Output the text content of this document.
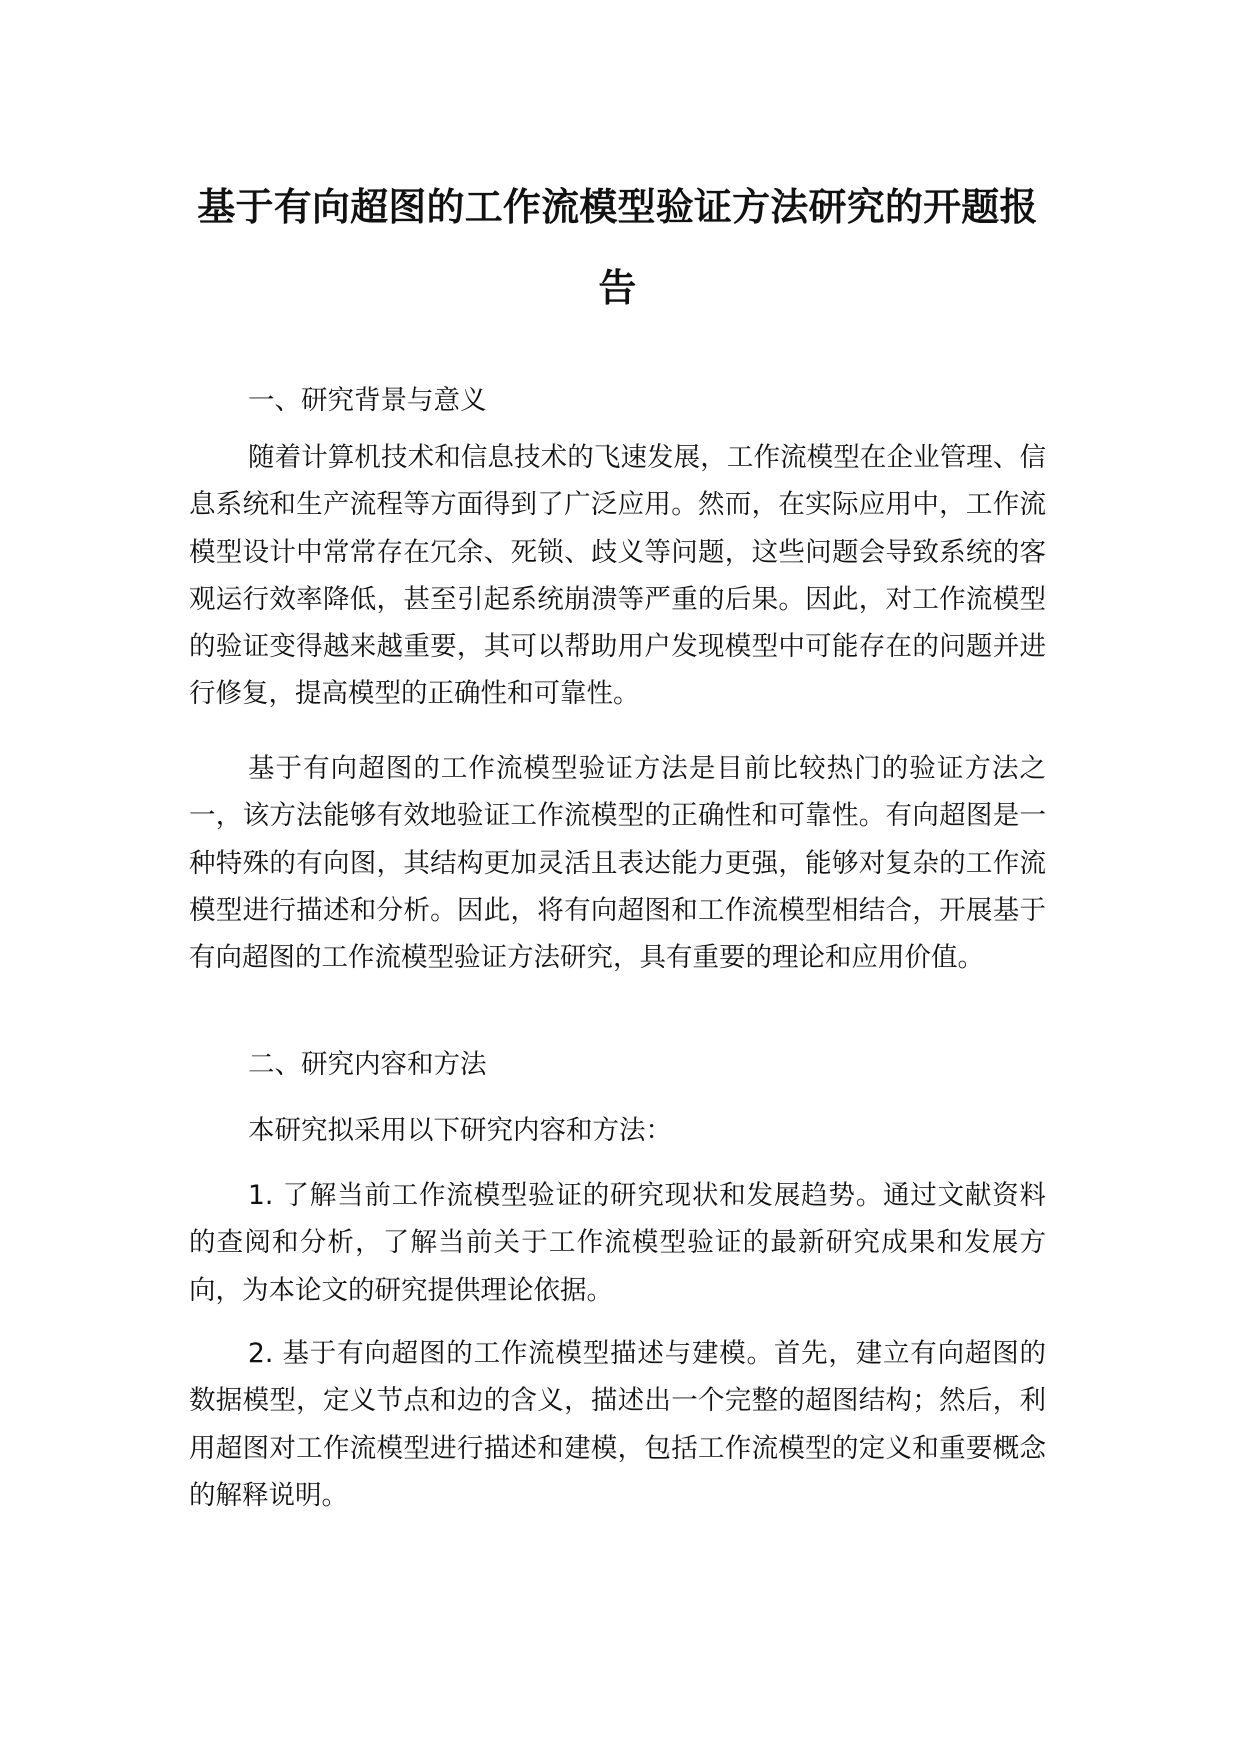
基于有向超图的工作流模型验证方法研究的开题报
告
一、研究背景与意义
随着计算机技术和信息技术的飞速发展，工作流模型在企业管理、信息系统和生产流程等方面得到了广泛应用。然而，在实际应用中，工作流模型设计中常常存在冗余、死锁、歧义等问题，这些问题会导致系统的客观运行效率降低，甚至引起系统崩溃等严重的后果。因此，对工作流模型的验证变得越来越重要，其可以帮助用户发现模型中可能存在的问题并进行修复，提高模型的正确性和可靠性。
基于有向超图的工作流模型验证方法是目前比较热门的验证方法之一，该方法能够有效地验证工作流模型的正确性和可靠性。有向超图是一种特殊的有向图，其结构更加灵活且表达能力更强，能够对复杂的工作流模型进行描述和分析。因此，将有向超图和工作流模型相结合，开展基于有向超图的工作流模型验证方法研究，具有重要的理论和应用价值。
二、研究内容和方法
本研究拟采用以下研究内容和方法：
1. 了解当前工作流模型验证的研究现状和发展趋势。通过文献资料的查阅和分析，了解当前关于工作流模型验证的最新研究成果和发展方向，为本论文的研究提供理论依据。
2. 基于有向超图的工作流模型描述与建模。首先，建立有向超图的数据模型，定义节点和边的含义，描述出一个完整的超图结构；然后，利用超图对工作流模型进行描述和建模，包括工作流模型的定义和重要概念的解释说明。
